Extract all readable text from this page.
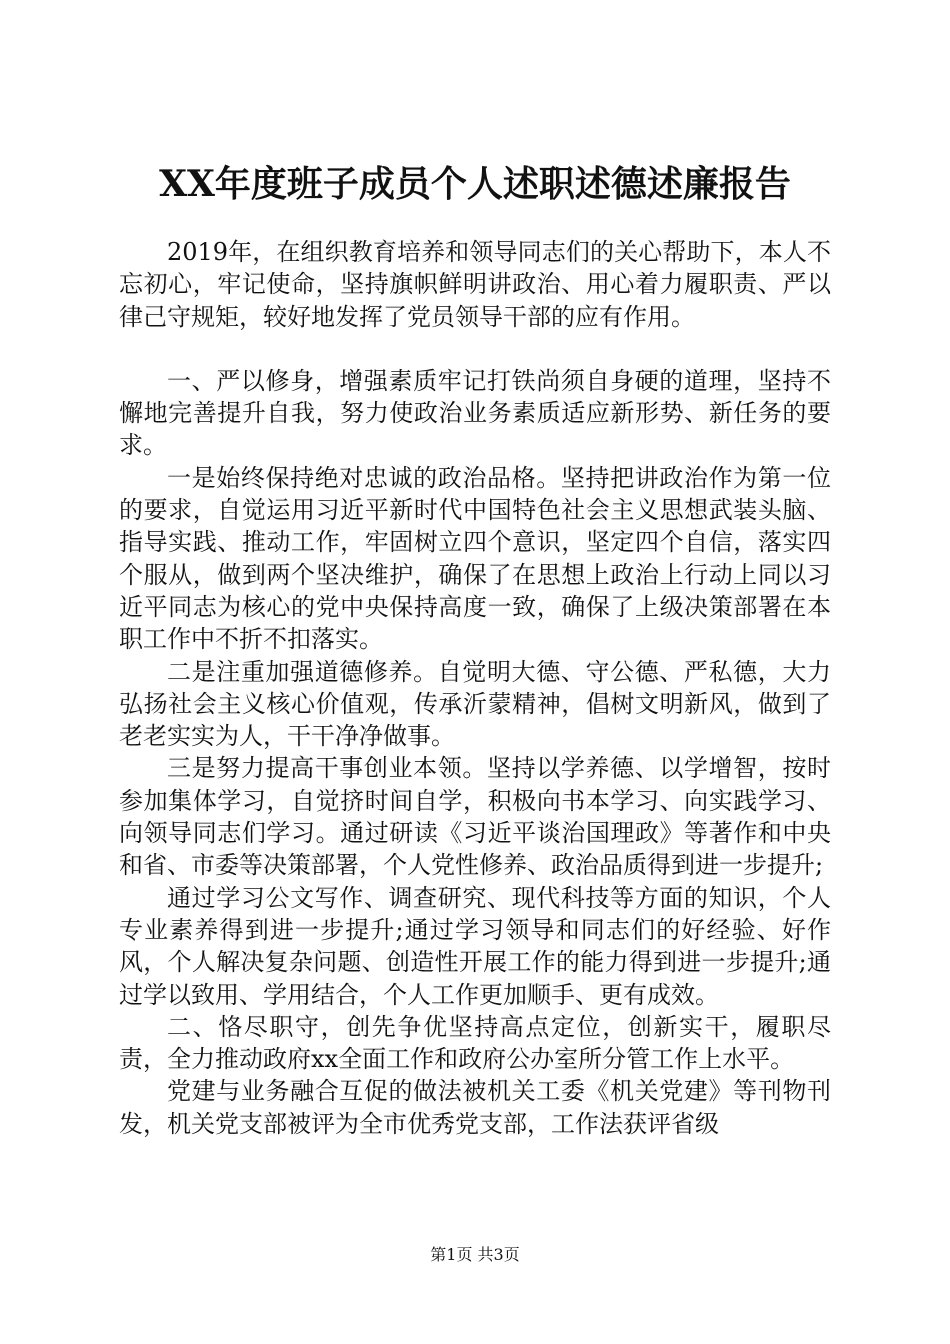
XX年度班子成员个人述职述德述廉报告

2019年，在组织教育培养和领导同志们的关心帮助下，本人不忘初心，牢记使命，坚持旗帜鲜明讲政治、用心着力履职责、严以律己守规矩，较好地发挥了党员领导干部的应有作用。

一、严以修身，增强素质牢记打铁尚须自身硬的道理，坚持不懈地完善提升自我，努力使政治业务素质适应新形势、新任务的要求。

一是始终保持绝对忠诚的政治品格。坚持把讲政治作为第一位的要求，自觉运用习近平新时代中国特色社会主义思想武装头脑、指导实践、推动工作，牢固树立四个意识，坚定四个自信，落实四个服从，做到两个坚决维护，确保了在思想上政治上行动上同以习近平同志为核心的党中央保持高度一致，确保了上级决策部署在本职工作中不折不扣落实。

二是注重加强道德修养。自觉明大德、守公德、严私德，大力弘扬社会主义核心价值观，传承沂蒙精神，倡树文明新风，做到了老老实实为人，干干净净做事。

三是努力提高干事创业本领。坚持以学养德、以学增智，按时参加集体学习，自觉挤时间自学，积极向书本学习、向实践学习、向领导同志们学习。通过研读《习近平谈治国理政》等著作和中央和省、市委等决策部署，个人党性修养、政治品质得到进一步提升;

通过学习公文写作、调查研究、现代科技等方面的知识，个人专业素养得到进一步提升;通过学习领导和同志们的好经验、好作风，个人解决复杂问题、创造性开展工作的能力得到进一步提升;通过学以致用、学用结合，个人工作更加顺手、更有成效。

二、恪尽职守，创先争优坚持高点定位，创新实干，履职尽责，全力推动政府xx全面工作和政府公办室所分管工作上水平。

党建与业务融合互促的做法被机关工委《机关党建》等刊物刊发，机关党支部被评为全市优秀党支部，工作法获评省级

第1页 共3页
